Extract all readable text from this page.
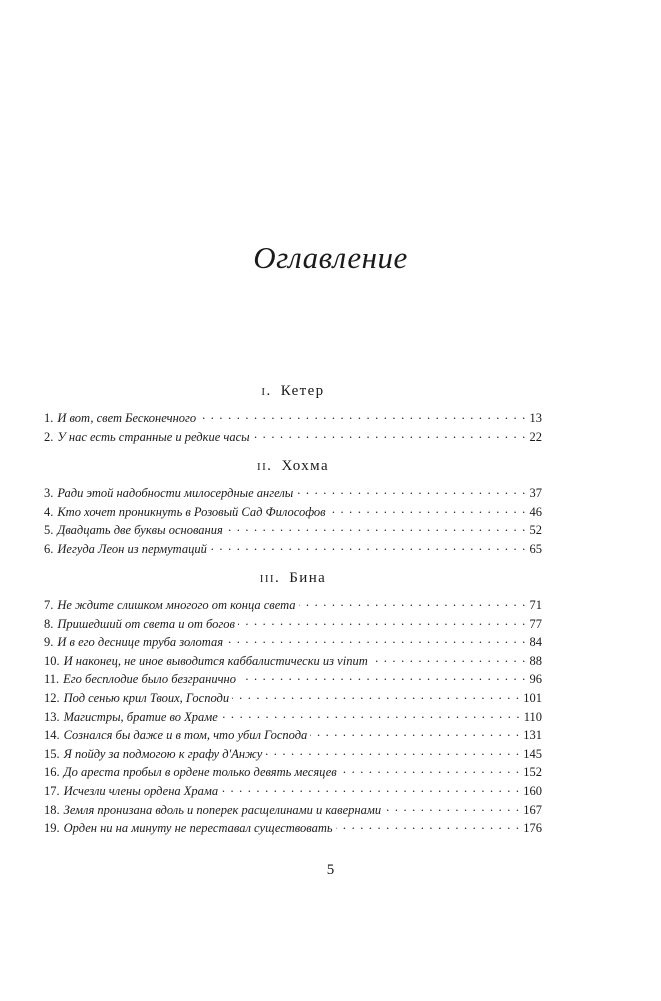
Оглавление
i. Кетер
1. И вот, свет Бесконечного . . .	13
2. У нас есть странные и редкие часы . . .	22
ii. Хохма
3. Ради этой надобности милосердные ангелы . . .	37
4. Кто хочет проникнуть в Розовый Сад Философов . . .	46
5. Двадцать две буквы основания . . .	52
6. Иегуда Леон из пермутаций . . .	65
iii. Бина
7. Не ждите слишком многого от конца света . . .	71
8. Пришедший от света и от богов . . .	77
9. И в его деснице труба золотая . . .	84
10. И наконец, не иное выводится каббалистически из vinum . . .	88
11. Его бесплодие было безгранично . . .	96
12. Под сенью крил Твоих, Господи . . .	101
13. Магистры, братие во Храме . . .	110
14. Сознался бы даже и в том, что убил Господа . . .	131
15. Я пойду за подмогою к графу д'Анжу . . .	145
16. До ареста пробыл в ордене только девять месяцев . . .	152
17. Исчезли члены ордена Храма . . .	160
18. Земля пронизана вдоль и поперек расщелинами и кавернами . . .	167
19. Орден ни на минуту не переставал существовать . . .	176
5
